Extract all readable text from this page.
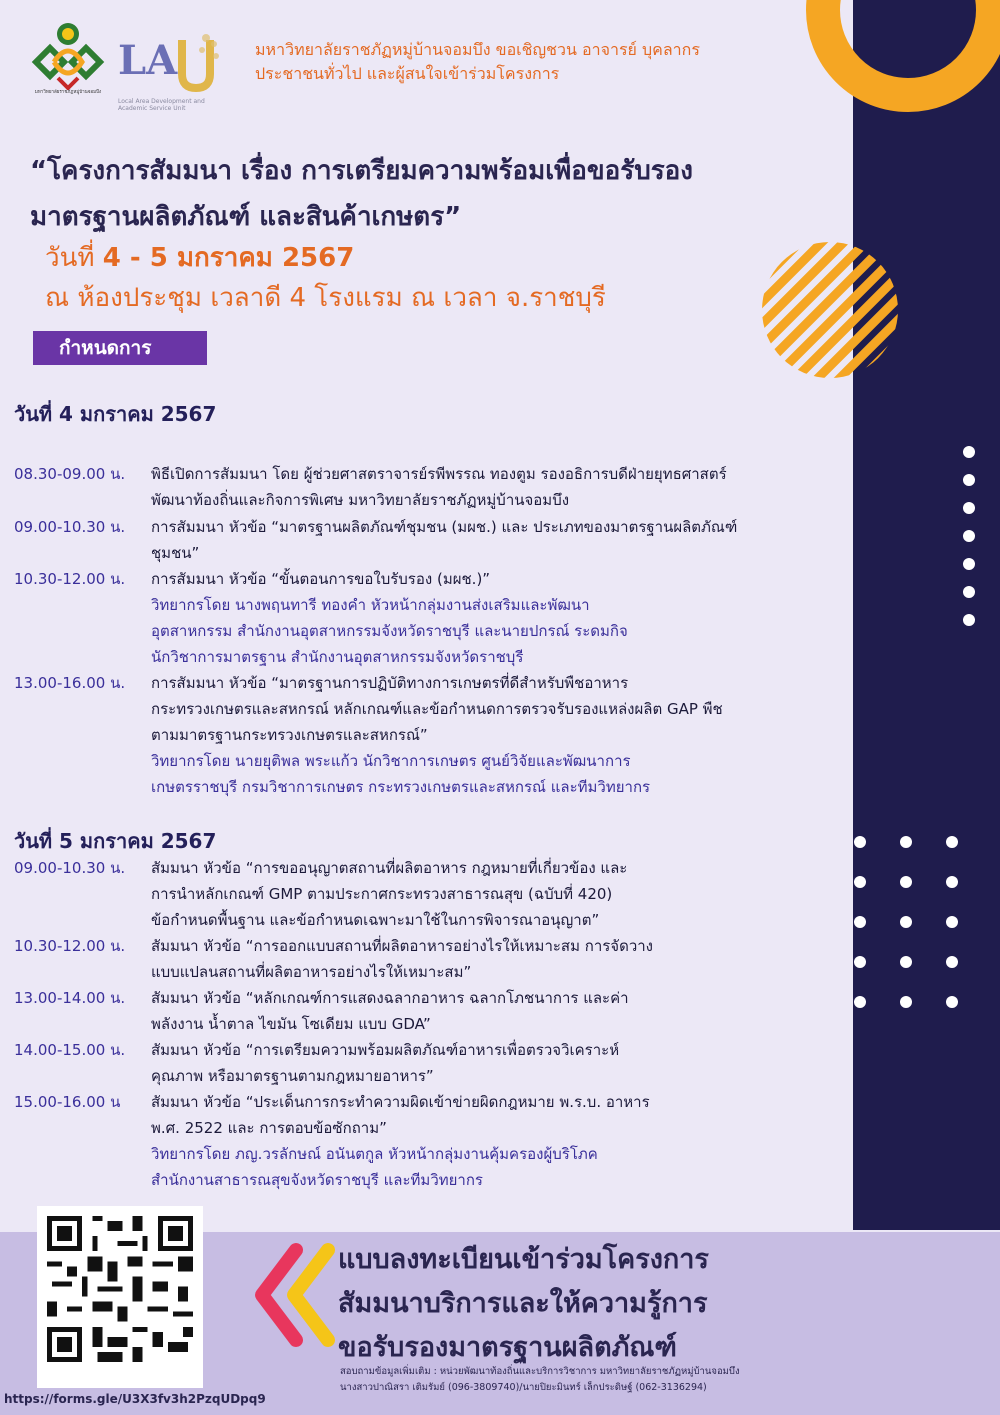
มหาวิทยาลัยราชภัฏหมู่บ้านจอมบึง
LA
Local Area Development and Academic Service Unit
มหาวิทยาลัยราชภัฏหมู่บ้านจอมบึง ขอเชิญชวน อาจารย์ บุคลากร
ประชาชนทั่วไป และผู้สนใจเข้าร่วมโครงการ
“โครงการสัมมนา เรื่อง การเตรียมความพร้อมเพื่อขอรับรอง
มาตรฐานผลิตภัณฑ์ และสินค้าเกษตร”
วันที่ 4 - 5 มกราคม 2567
ณ ห้องประชุม เวลาดี 4 โรงแรม ณ เวลา จ.ราชบุรี
กำหนดการ
วันที่ 4 มกราคม 2567
08.30-09.00 น. พิธีเปิดการสัมมนา โดย ผู้ช่วยศาสตราจารย์รพีพรรณ ทองตูม รองอธิการบดีฝ่ายยุทธศาสตร์
พัฒนาท้องถิ่นและกิจการพิเศษ มหาวิทยาลัยราชภัฏหมู่บ้านจอมบึง
09.00-10.30 น. การสัมมนา หัวข้อ “มาตรฐานผลิตภัณฑ์ชุมชน (มผช.) และ ประเภทของมาตรฐานผลิตภัณฑ์
ชุมชน”
10.30-12.00 น. การสัมมนา หัวข้อ “ขั้นตอนการขอใบรับรอง (มผช.)”
วิทยากรโดย นางพฤนทารี ทองคำ หัวหน้ากลุ่มงานส่งเสริมและพัฒนา
อุตสาหกรรม สำนักงานอุตสาหกรรมจังหวัดราชบุรี และนายปกรณ์ ระดมกิจ
นักวิชาการมาตรฐาน สำนักงานอุตสาหกรรมจังหวัดราชบุรี
13.00-16.00 น. การสัมมนา หัวข้อ “มาตรฐานการปฏิบัติทางการเกษตรที่ดีสำหรับพืชอาหาร
กระทรวงเกษตรและสหกรณ์ หลักเกณฑ์และข้อกำหนดการตรวจรับรองแหล่งผลิต GAP พืช
ตามมาตรฐานกระทรวงเกษตรและสหกรณ์”
วิทยากรโดย นายยุติพล พระแก้ว นักวิชาการเกษตร ศูนย์วิจัยและพัฒนาการ
เกษตรราชบุรี กรมวิชาการเกษตร กระทรวงเกษตรและสหกรณ์ และทีมวิทยากร
วันที่ 5 มกราคม 2567
09.00-10.30 น. สัมมนา หัวข้อ “การขออนุญาตสถานที่ผลิตอาหาร กฎหมายที่เกี่ยวข้อง และ
การนำหลักเกณฑ์ GMP ตามประกาศกระทรวงสาธารณสุข (ฉบับที่ 420)
ข้อกำหนดพื้นฐาน และข้อกำหนดเฉพาะมาใช้ในการพิจารณาอนุญาต”
10.30-12.00 น. สัมมนา หัวข้อ “การออกแบบสถานที่ผลิตอาหารอย่างไรให้เหมาะสม การจัดวาง
แบบแปลนสถานที่ผลิตอาหารอย่างไรให้เหมาะสม”
13.00-14.00 น. สัมมนา หัวข้อ “หลักเกณฑ์การแสดงฉลากอาหาร ฉลากโภชนาการ และค่า
พลังงาน น้ำตาล ไขมัน โซเดียม แบบ GDA”
14.00-15.00 น. สัมมนา หัวข้อ “การเตรียมความพร้อมผลิตภัณฑ์อาหารเพื่อตรวจวิเคราะห์
คุณภาพ หรือมาตรฐานตามกฎหมายอาหาร”
15.00-16.00 น สัมมนา หัวข้อ “ประเด็นการกระทำความผิดเข้าข่ายผิดกฎหมาย พ.ร.บ. อาหาร
พ.ศ. 2522 และ การตอบข้อซักถาม”
วิทยากรโดย ภญ.วรลักษณ์ อนันตกูล หัวหน้ากลุ่มงานคุ้มครองผู้บริโภค
สำนักงานสาธารณสุขจังหวัดราชบุรี และทีมวิทยากร
https://forms.gle/U3X3fv3h2PzqUDpq9
แบบลงทะเบียนเข้าร่วมโครงการ
สัมมนาบริการและให้ความรู้การ
ขอรับรองมาตรฐานผลิตภัณฑ์
สอบถามข้อมูลเพิ่มเติม : หน่วยพัฒนาท้องถิ่นและบริการวิชาการ มหาวิทยาลัยราชภัฏหมู่บ้านจอมบึง
นางสาวปาณิสรา เติมรัมย์ (096-3809740)/นายปิยะมินทร์ เล็กประดิษฐ์ (062-3136294)
